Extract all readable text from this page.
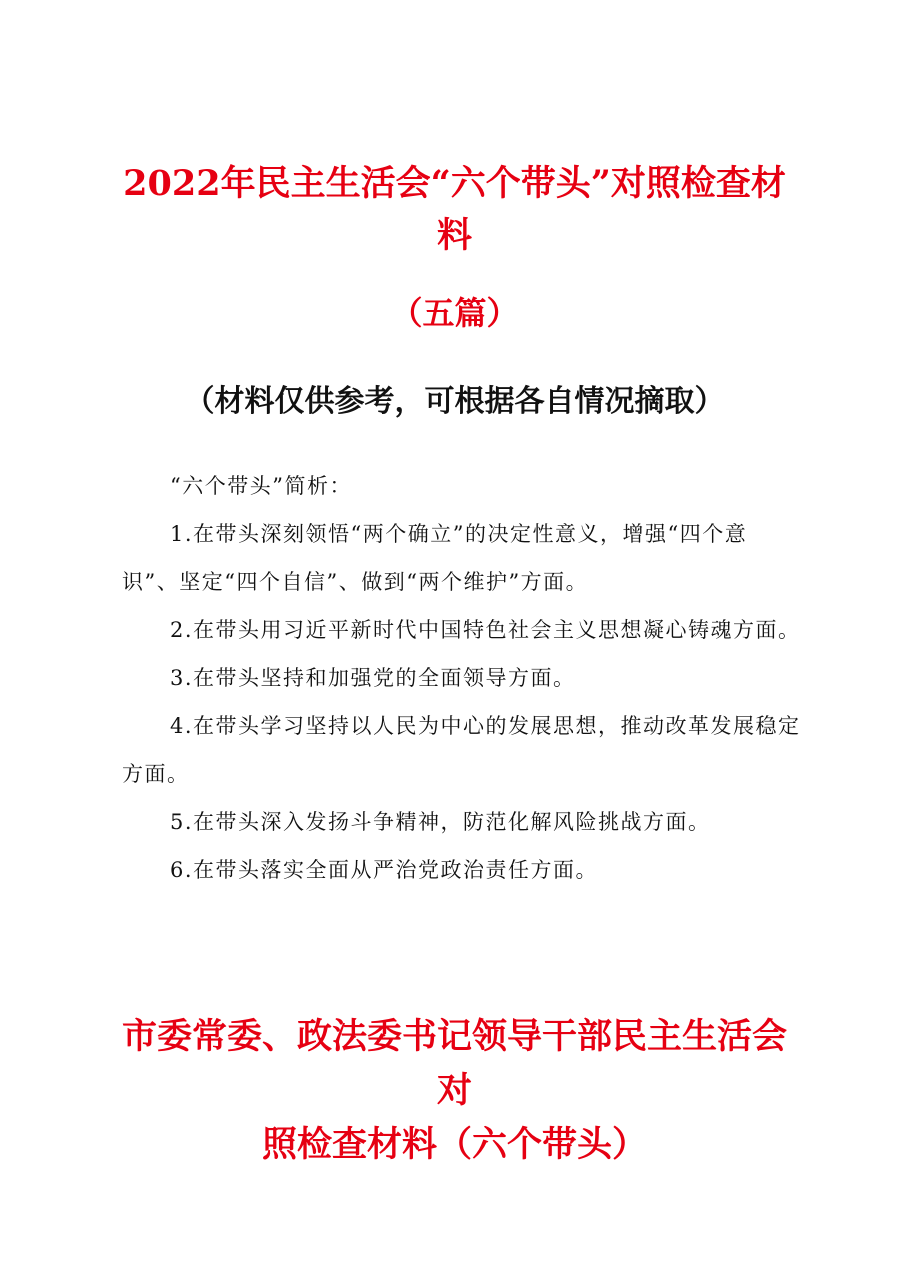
2022年民主生活会“六个带头”对照检查材
料
（五篇）
（材料仅供参考，可根据各自情况摘取）

“六个带头”简析：

1.在带头深刻领悟“两个确立”的决定性意义，增强“四个意识”、坚定“四个自信”、做到“两个维护”方面。

2.在带头用习近平新时代中国特色社会主义思想凝心铸魂方面。

3.在带头坚持和加强党的全面领导方面。

4.在带头学习坚持以人民为中心的发展思想，推动改革发展稳定方面。

5.在带头深入发扬斗争精神，防范化解风险挑战方面。

6.在带头落实全面从严治党政治责任方面。

市委常委、政法委书记领导干部民主生活会对
照检查材料（六个带头）
